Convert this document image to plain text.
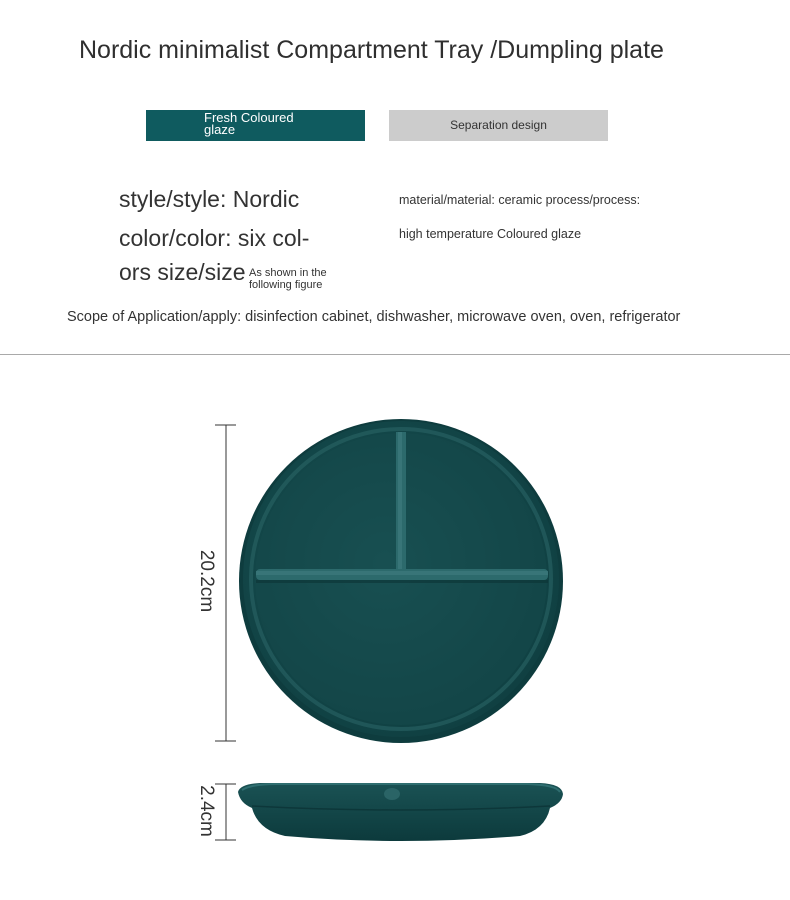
Nordic minimalist Compartment Tray /Dumpling plate
Fresh Coloured glaze	Separation design
style/style: Nordic
color/color: six col-
ors size/size As shown in the following figure
material/material: ceramic process/process:
high temperature Coloured glaze
Scope of Application/apply: disinfection cabinet, dishwasher, microwave oven, oven, refrigerator
20.2cm
2.4cm
